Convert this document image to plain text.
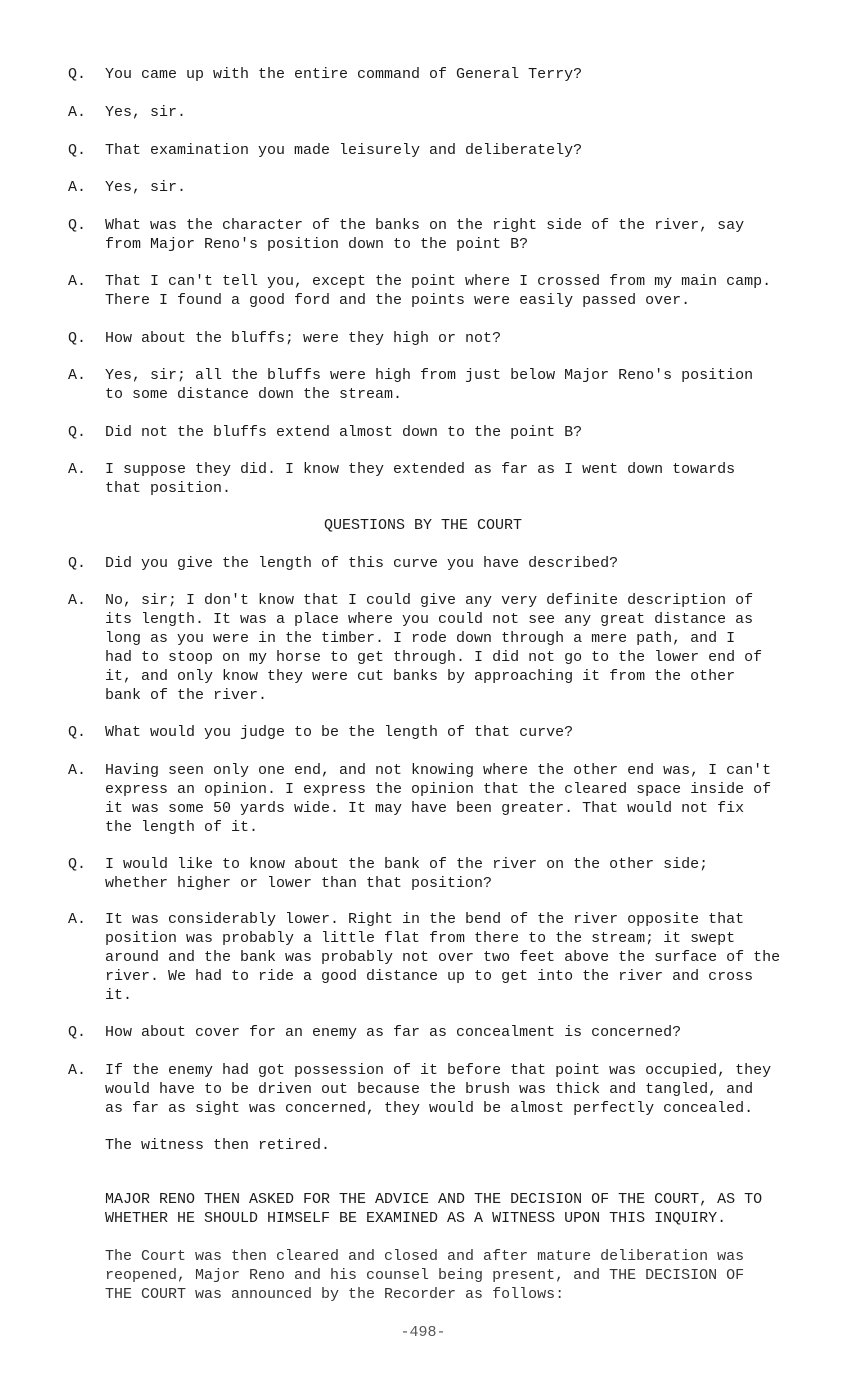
Q.	You came up with the entire command of General Terry?
A.	Yes, sir.
Q.	That examination you made leisurely and deliberately?
A.	Yes, sir.
Q.	What was the character of the banks on the right side of the river, say
from Major Reno's position down to the point B?
A.	That I can't tell you, except the point where I crossed from my main camp.
There I found a good ford and the points were easily passed over.
Q.	How about the bluffs; were they high or not?
A.	Yes, sir; all the bluffs were high from just below Major Reno's position
to some distance down the stream.
Q.	Did not the bluffs extend almost down to the point B?
A.	I suppose they did. I know they extended as far as I went down towards
that position.
QUESTIONS BY THE COURT
Q.	Did you give the length of this curve you have described?
A.	No, sir; I don't know that I could give any very definite description of
its length. It was a place where you could not see any great distance as
long as you were in the timber. I rode down through a mere path, and I
had to stoop on my horse to get through. I did not go to the lower end of
it, and only know they were cut banks by approaching it from the other
bank of the river.
Q.	What would you judge to be the length of that curve?
A.	Having seen only one end, and not knowing where the other end was, I can't
express an opinion. I express the opinion that the cleared space inside of
it was some 50 yards wide. It may have been greater. That would not fix
the length of it.
Q.	I would like to know about the bank of the river on the other side;
whether higher or lower than that position?
A.	It was considerably lower. Right in the bend of the river opposite that
position was probably a little flat from there to the stream; it swept
around and the bank was probably not over two feet above the surface of the
river. We had to ride a good distance up to get into the river and cross
it.
Q.	How about cover for an enemy as far as concealment is concerned?
A.	If the enemy had got possession of it before that point was occupied, they
would have to be driven out because the brush was thick and tangled, and
as far as sight was concerned, they would be almost perfectly concealed.
The witness then retired.
MAJOR RENO THEN ASKED FOR THE ADVICE AND THE DECISION OF THE COURT, AS TO
WHETHER HE SHOULD HIMSELF BE EXAMINED AS A WITNESS UPON THIS INQUIRY.
The Court was then cleared and closed and after mature deliberation was
reopened, Major Reno and his counsel being present, and THE DECISION OF
THE COURT was announced by the Recorder as follows:
-498-
